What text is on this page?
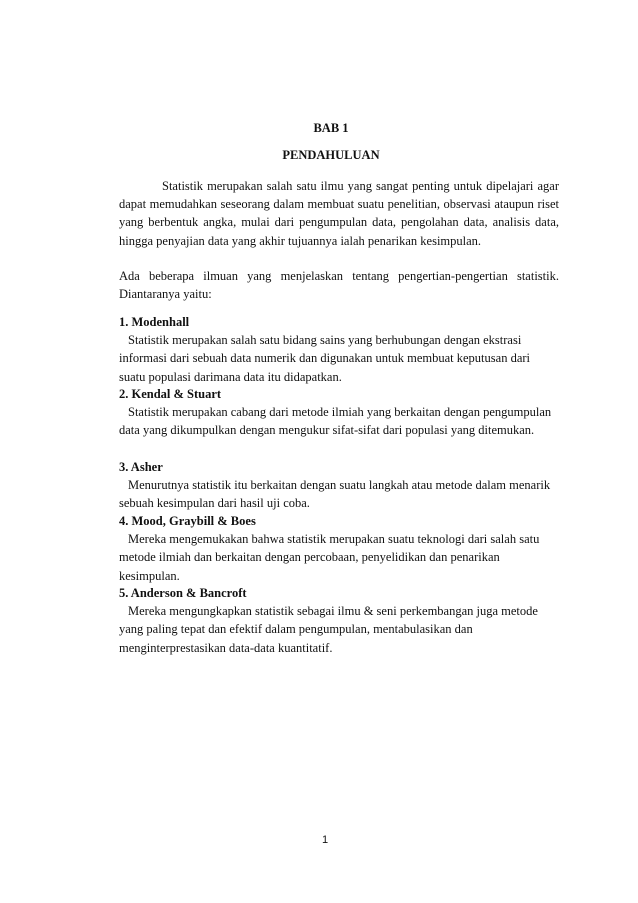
BAB 1
PENDAHULUAN

Statistik merupakan salah satu ilmu yang sangat penting untuk dipelajari agar dapat memudahkan seseorang dalam membuat suatu penelitian, observasi ataupun riset yang berbentuk angka, mulai dari pengumpulan data, pengolahan data, analisis data, hingga penyajian data yang akhir tujuannya ialah penarikan kesimpulan.

Ada beberapa ilmuan yang menjelaskan tentang pengertian-pengertian statistik. Diantaranya yaitu:

1. Modenhall
Statistik merupakan salah satu bidang sains yang berhubungan dengan ekstrasi informasi dari sebuah data numerik dan digunakan untuk membuat keputusan dari suatu populasi darimana data itu didapatkan.
2. Kendal & Stuart
Statistik merupakan cabang dari metode ilmiah yang berkaitan dengan pengumpulan data yang dikumpulkan dengan mengukur sifat-sifat dari populasi yang ditemukan.
3. Asher
Menurutnya statistik itu berkaitan dengan suatu langkah atau metode dalam menarik sebuah kesimpulan dari hasil uji coba.
4. Mood, Graybill & Boes
Mereka mengemukakan bahwa statistik merupakan suatu teknologi dari salah satu metode ilmiah dan berkaitan dengan percobaan, penyelidikan dan penarikan kesimpulan.
5. Anderson & Bancroft
Mereka mengungkapkan statistik sebagai ilmu & seni perkembangan juga metode yang paling tepat dan efektif dalam pengumpulan, mentabulasikan dan menginterprestasikan data-data kuantitatif.
1
